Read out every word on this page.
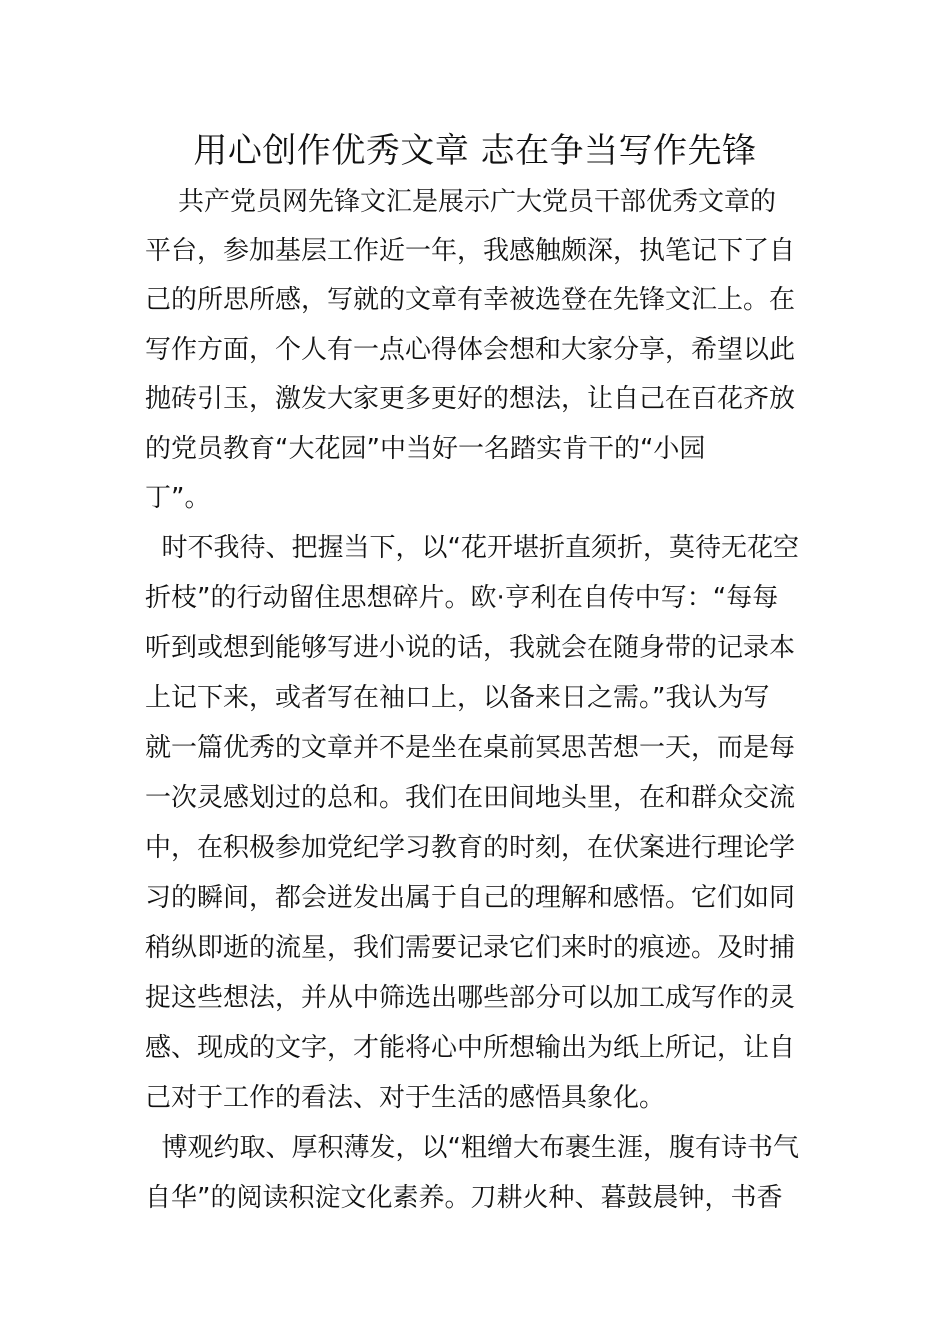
用心创作优秀文章 志在争当写作先锋

共产党员网先锋文汇是展示广大党员干部优秀文章的

平台，参加基层工作近一年，我感触颇深，执笔记下了自

己的所思所感，写就的文章有幸被选登在先锋文汇上。在

写作方面，个人有一点心得体会想和大家分享，希望以此

抛砖引玉，激发大家更多更好的想法，让自己在百花齐放

的党员教育“大花园”中当好一名踏实肯干的“小园

丁”。

时不我待、把握当下，以“花开堪折直须折，莫待无花空

折枝”的行动留住思想碎片。欧·亨利在自传中写：“每每

听到或想到能够写进小说的话，我就会在随身带的记录本

上记下来，或者写在袖口上，以备来日之需。”我认为写

就一篇优秀的文章并不是坐在桌前冥思苦想一天，而是每

一次灵感划过的总和。我们在田间地头里，在和群众交流

中，在积极参加党纪学习教育的时刻，在伏案进行理论学

习的瞬间，都会迸发出属于自己的理解和感悟。它们如同

稍纵即逝的流星，我们需要记录它们来时的痕迹。及时捕

捉这些想法，并从中筛选出哪些部分可以加工成写作的灵

感、现成的文字，才能将心中所想输出为纸上所记，让自

己对于工作的看法、对于生活的感悟具象化。

博观约取、厚积薄发，以“粗缯大布裹生涯，腹有诗书气

自华”的阅读积淀文化素养。刀耕火种、暮鼓晨钟，书香
